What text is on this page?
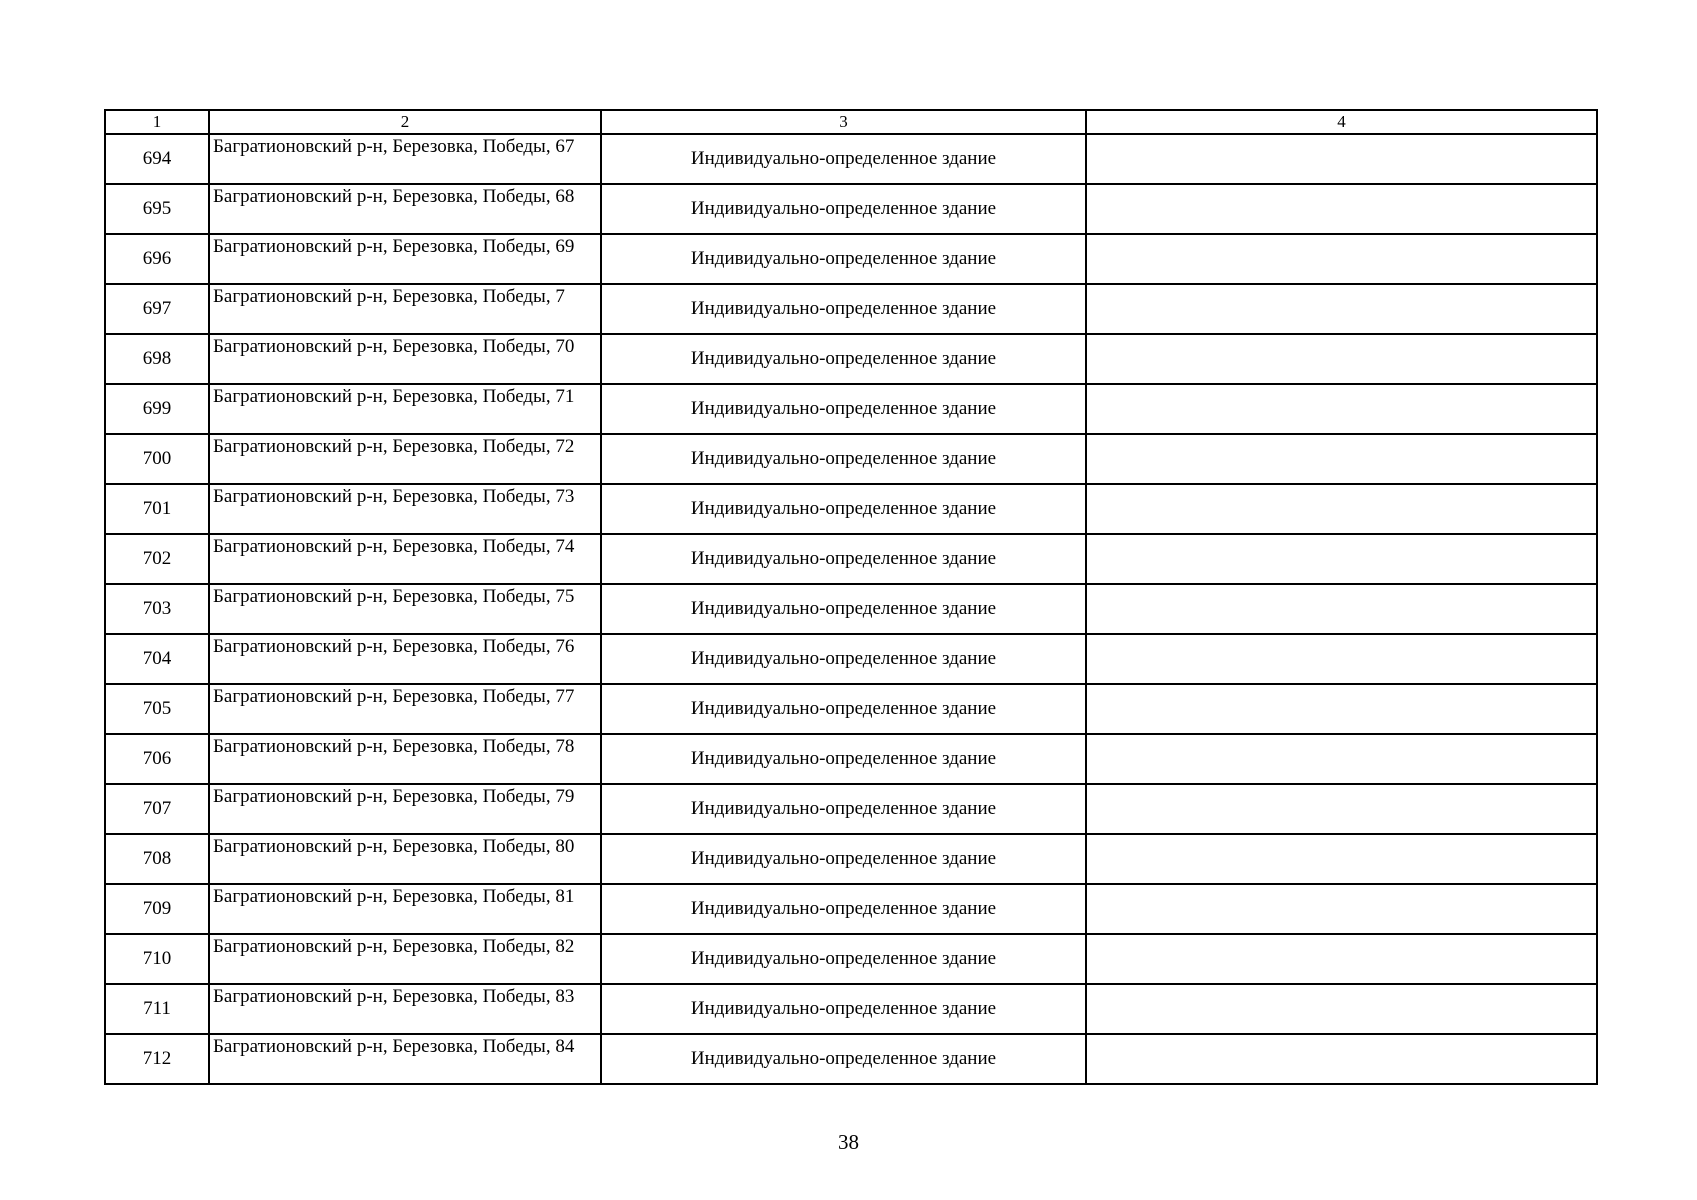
1	2	3	4
694	Багратионовский р-н, Березовка, Победы, 67	Индивидуально-определенное здание	
695	Багратионовский р-н, Березовка, Победы, 68	Индивидуально-определенное здание	
696	Багратионовский р-н, Березовка, Победы, 69	Индивидуально-определенное здание	
697	Багратионовский р-н, Березовка, Победы, 7	Индивидуально-определенное здание	
698	Багратионовский р-н, Березовка, Победы, 70	Индивидуально-определенное здание	
699	Багратионовский р-н, Березовка, Победы, 71	Индивидуально-определенное здание	
700	Багратионовский р-н, Березовка, Победы, 72	Индивидуально-определенное здание	
701	Багратионовский р-н, Березовка, Победы, 73	Индивидуально-определенное здание	
702	Багратионовский р-н, Березовка, Победы, 74	Индивидуально-определенное здание	
703	Багратионовский р-н, Березовка, Победы, 75	Индивидуально-определенное здание	
704	Багратионовский р-н, Березовка, Победы, 76	Индивидуально-определенное здание	
705	Багратионовский р-н, Березовка, Победы, 77	Индивидуально-определенное здание	
706	Багратионовский р-н, Березовка, Победы, 78	Индивидуально-определенное здание	
707	Багратионовский р-н, Березовка, Победы, 79	Индивидуально-определенное здание	
708	Багратионовский р-н, Березовка, Победы, 80	Индивидуально-определенное здание	
709	Багратионовский р-н, Березовка, Победы, 81	Индивидуально-определенное здание	
710	Багратионовский р-н, Березовка, Победы, 82	Индивидуально-определенное здание	
711	Багратионовский р-н, Березовка, Победы, 83	Индивидуально-определенное здание	
712	Багратионовский р-н, Березовка, Победы, 84	Индивидуально-определенное здание	
38
